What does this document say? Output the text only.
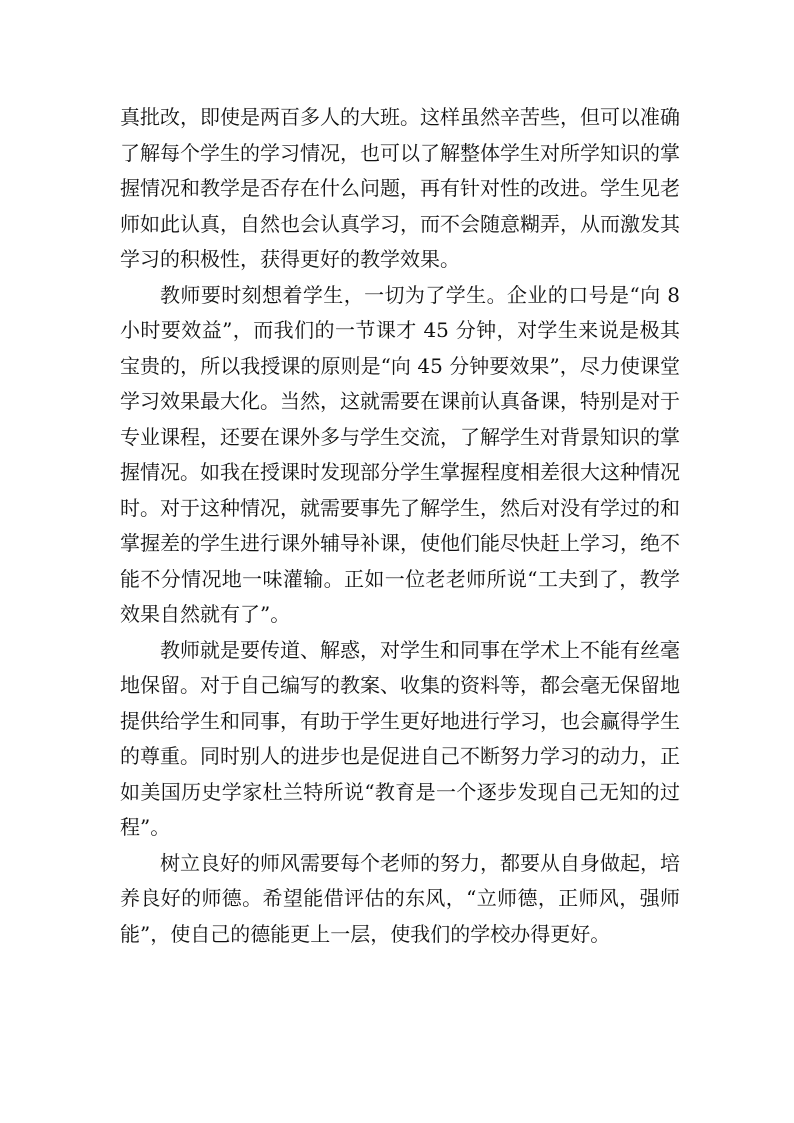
真批改，即使是两百多人的大班。这样虽然辛苦些，但可以准确了解每个学生的学习情况，也可以了解整体学生对所学知识的掌握情况和教学是否存在什么问题，再有针对性的改进。学生见老师如此认真，自然也会认真学习，而不会随意糊弄，从而激发其学习的积极性，获得更好的教学效果。

教师要时刻想着学生，一切为了学生。企业的口号是“向 8 小时要效益”，而我们的一节课才 45 分钟，对学生来说是极其宝贵的，所以我授课的原则是“向 45 分钟要效果”，尽力使课堂学习效果最大化。当然，这就需要在课前认真备课，特别是对于专业课程，还要在课外多与学生交流，了解学生对背景知识的掌握情况。如我在授课时发现部分学生掌握程度相差很大这种情况时。对于这种情况，就需要事先了解学生，然后对没有学过的和掌握差的学生进行课外辅导补课，使他们能尽快赶上学习，绝不能不分情况地一味灌输。正如一位老老师所说“工夫到了，教学效果自然就有了”。

教师就是要传道、解惑，对学生和同事在学术上不能有丝毫地保留。对于自己编写的教案、收集的资料等，都会毫无保留地提供给学生和同事，有助于学生更好地进行学习，也会赢得学生的尊重。同时别人的进步也是促进自己不断努力学习的动力，正如美国历史学家杜兰特所说“教育是一个逐步发现自己无知的过程”。

树立良好的师风需要每个老师的努力，都要从自身做起，培养良好的师德。希望能借评估的东风，“立师德，正师风，强师能”，使自己的德能更上一层，使我们的学校办得更好。
